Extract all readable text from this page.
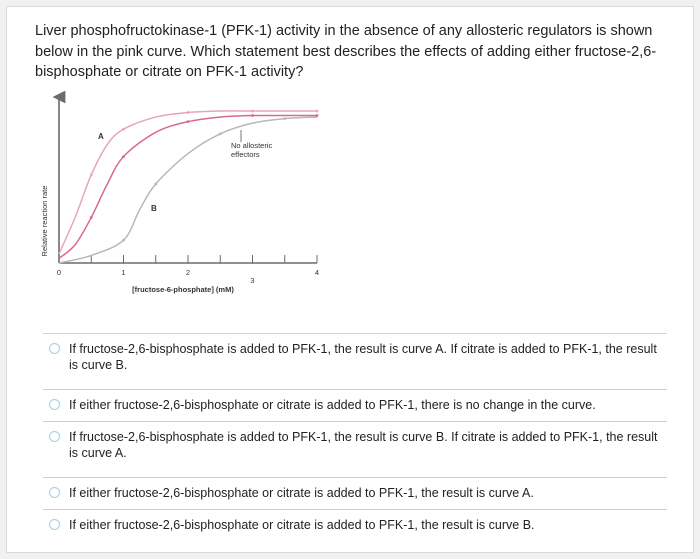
Liver phosphofructokinase-1 (PFK-1) activity in the absence of any allosteric regulators is shown below in the pink curve. Which statement best describes the effects of adding either fructose-2,6-bisphosphate or citrate on PFK-1 activity?
0	1	2
3
4
Relative reaction rate
[fructose-6-phosphate] (mM)
A
B
No allosteric effectors
If fructose-2,6-bisphosphate is added to PFK-1, the result is curve A. If citrate is added to PFK-1, the result is curve B.
If either fructose-2,6-bisphosphate or citrate is added to PFK-1, there is no change in the curve.
If fructose-2,6-bisphosphate is added to PFK-1, the result is curve B. If citrate is added to PFK-1, the result is curve A.
If either fructose-2,6-bisphosphate or citrate is added to PFK-1, the result is curve A.
If either fructose-2,6-bisphosphate or citrate is added to PFK-1, the result is curve B.
